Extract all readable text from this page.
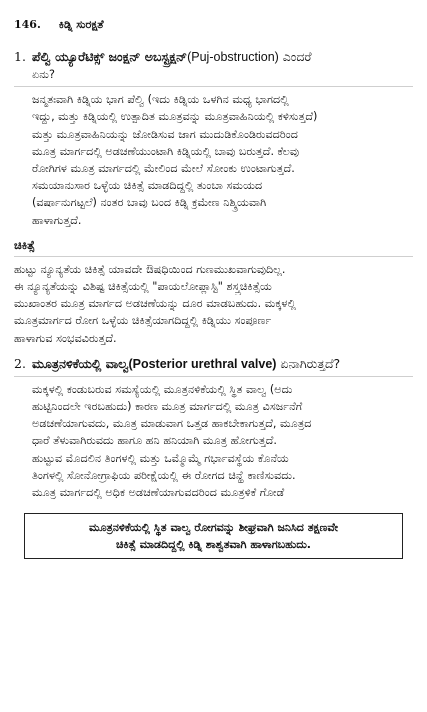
146. ಕಿಡ್ನಿ ಸುರಕ್ಷತೆ
1. ಪೆಲ್ವಿ ಯ್ಯೂರೆಟಿಕ್ಸ್ ಜಂಕ್ಷನ್ ಅಬಸ್ಟ್ರಕ್ಷನ್(Puj-obstruction) ಎಂದರೆ
ಏನು?
ಜನ್ಮತಃವಾಗಿ ಕಿಡ್ನಿಯ ಭಾಗ ಪೆಲ್ವಿ (ಇದು ಕಿಡ್ನಿಯ ಒಳಗಿನ ಮಧ್ಯ ಭಾಗದಲ್ಲಿ
ಇದ್ದು, ಮತ್ತು ಕಿಡ್ನಿಯಲ್ಲಿ ಉತ್ಪಾದಿತ ಮೂತ್ರವನ್ನು ಮೂತ್ರವಾಹಿನಿಯಲ್ಲಿ ಕಳಿಸುತ್ತದೆ)
ಮತ್ತು ಮೂತ್ರವಾಹಿನಿಯನ್ನು ಜೋಡಿಸುವ ಜಾಗ ಮುದುಡಿಕೊಂಡಿರುವದರಿಂದ
ಮೂತ್ರ ಮಾರ್ಗದಲ್ಲಿ ಅಡಚಣೆಯುಂಟಾಗಿ ಕಿಡ್ನಿಯಲ್ಲಿ ಬಾವು ಬರುತ್ತದೆ. ಕೆಲವು
ರೋಗಿಗಳ ಮೂತ್ರ ಮಾರ್ಗದಲ್ಲಿ ಮೇಲಿಂದ ಮೇಲೆ ಸೋಂಕು ಉಂಟಾಗುತ್ತದೆ.
ಸಮಯಾನುಸಾರ ಒಳ್ಳೆಯ ಚಿಕಿತ್ಸೆ ಮಾಡದಿದ್ದಲ್ಲಿ ತುಂಬಾ ಸಮಯದ
(ವರ್ಷಾನುಗಟ್ಟಲೆ) ನಂತರ ಬಾವು ಬಂದ ಕಿಡ್ನಿ ಕ್ರಮೇಣ ನಿಶ್ಕ್ರಿಯವಾಗಿ
ಹಾಳಾಗುತ್ತದೆ.
ಚಿಕಿತ್ಸೆ
ಹುಟ್ಟು ನ್ಯೂನ್ಯತೆಯ ಚಿಕಿತ್ಸೆ ಯಾವದೇ ಔಷಧಿಯಿಂದ ಗುಣಮುಖವಾಗುವುದಿಲ್ಲ.
ಈ ನ್ಯೂನ್ಯತೆಯನ್ನು ವಿಶಿಷ್ಟ ಚಿಕಿತ್ಸೆಯಲ್ಲಿ "ಪಾಯಲೋಪ್ಲಾಸ್ಟಿ" ಶಸ್ತ್ರಚಿಕಿತ್ಸೆಯ
ಮುಖಾಂತರ ಮೂತ್ರ ಮಾರ್ಗದ ಅಡಚಣೆಯನ್ನು ದೂರ ಮಾಡಬಹುದು. ಮಕ್ಕಳಲ್ಲಿ
ಮೂತ್ರಮಾರ್ಗದ ರೋಗ ಒಳ್ಳೆಯ ಚಿಕಿತ್ಸೆಯಾಗದಿದ್ದಲ್ಲಿ ಕಿಡ್ನಿಯು ಸಂಪೂರ್ಣ
ಹಾಳಾಗುವ ಸಂಭವವಿರುತ್ತದೆ.
2. ಮೂತ್ರನಳಿಕೆಯಲ್ಲಿ ವಾಲ್ವ(Posterior urethral valve) ಏನಾಗಿರುತ್ತದೆ?
ಮಕ್ಕಳಲ್ಲಿ ಕಂಡುಬರುವ ಸಮಸ್ಯೆಯಲ್ಲಿ ಮೂತ್ರನಳಿಕೆಯಲ್ಲಿ ಸ್ಥಿತ ವಾಲ್ವ (ಅದು
ಹುಟ್ಟಿನಿಂದಲೇ ಇರಬಹುದು) ಕಾರಣ ಮೂತ್ರ ಮಾರ್ಗದಲ್ಲಿ ಮೂತ್ರ ವಿಸರ್ಜನೆಗೆ
ಅಡಚಣೆಯಾಗುವದು, ಮೂತ್ರ ಮಾಡುವಾಗ ಒತ್ತಡ ಹಾಕಬೇಕಾಗುತ್ತದೆ, ಮೂತ್ರದ
ಧಾರೆ ತೆಳುವಾಗಿರುವದು ಹಾಗೂ ಹನಿ ಹನಿಯಾಗಿ ಮೂತ್ರ ಹೋಗುತ್ತದೆ.
ಹುಟ್ಟುವ ಮೊದಲಿನ ತಿಂಗಳಲ್ಲಿ ಮತ್ತು ಒಮ್ಮೊಮ್ಮೆ ಗರ್ಭಾವಸ್ಥೆಯ ಕೊನೆಯ
ತಿಂಗಳಲ್ಲಿ ಸೋನೋಗ್ರಾಫಿಯ ಪರೀಕ್ಷೆಯಲ್ಲಿ ಈ ರೋಗದ ಚಿನ್ಹೆ ಕಾಣಿಸುವದು.
ಮೂತ್ರ ಮಾರ್ಗದಲ್ಲಿ ಅಧಿಕ ಅಡಚಣೆಯಾಗುವದರಿಂದ ಮೂತ್ರಳಿಕೆ ಗೋಡೆ
ಮೂತ್ರನಳಿಕೆಯಲ್ಲಿ ಸ್ಥಿತ ವಾಲ್ವ ರೋಗವನ್ನು ಶೀಘ್ರವಾಗಿ ಜನಿಸಿದ ತಕ್ಷಣವೇ
ಚಿಕಿತ್ಸೆ ಮಾಡದಿದ್ದಲ್ಲಿ ಕಿಡ್ನಿ ಶಾಶ್ವತವಾಗಿ ಹಾಳಾಗಬಹುದು.
